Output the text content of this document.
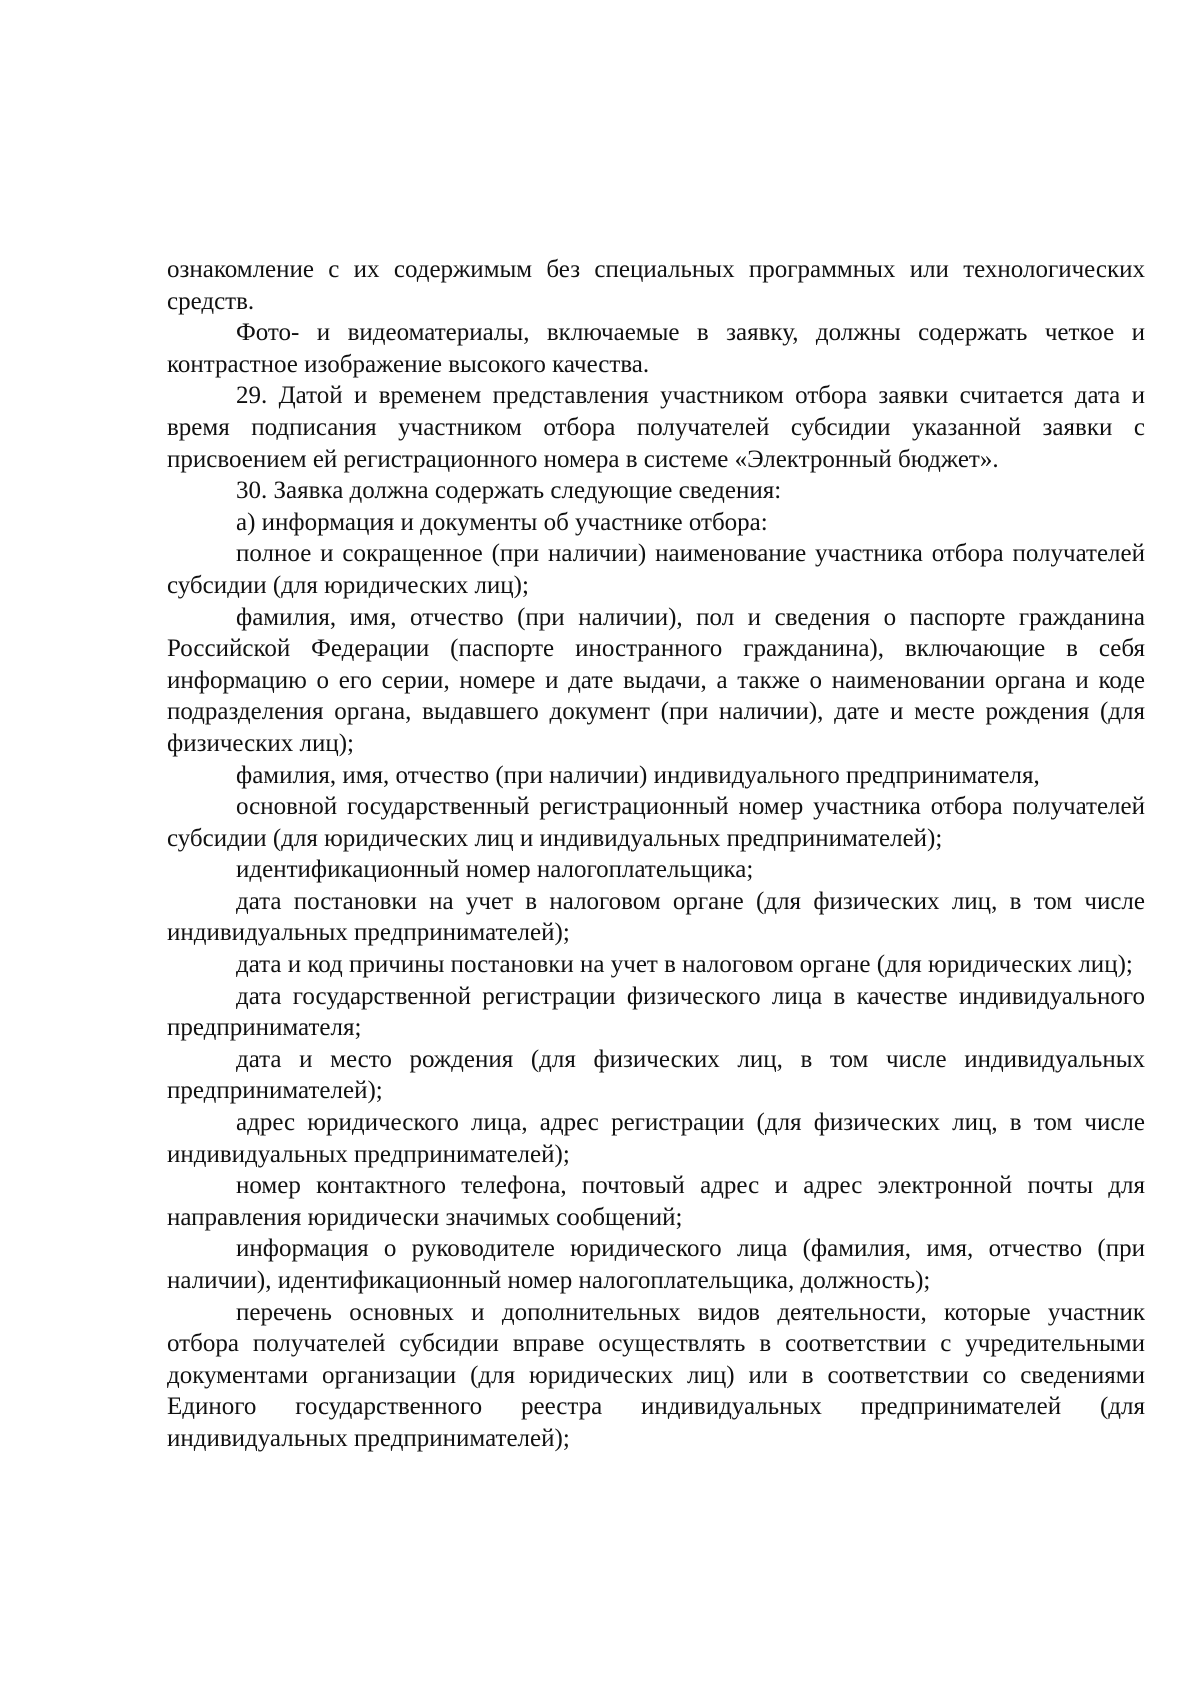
ознакомление с их содержимым без специальных программных или технологических средств.

Фото- и видеоматериалы, включаемые в заявку, должны содержать четкое и контрастное изображение высокого качества.

29. Датой и временем представления участником отбора заявки считается дата и время подписания участником отбора получателей субсидии указанной заявки с присвоением ей регистрационного номера в системе «Электронный бюджет».

30. Заявка должна содержать следующие сведения:

а) информация и документы об участнике отбора:

полное и сокращенное (при наличии) наименование участника отбора получателей субсидии (для юридических лиц);

фамилия, имя, отчество (при наличии), пол и сведения о паспорте гражданина Российской Федерации (паспорте иностранного гражданина), включающие в себя информацию о его серии, номере и дате выдачи, а также о наименовании органа и коде подразделения органа, выдавшего документ (при наличии), дате и месте рождения (для физических лиц);

фамилия, имя, отчество (при наличии) индивидуального предпринимателя,

основной государственный регистрационный номер участника отбора получателей субсидии (для юридических лиц и индивидуальных предпринимателей);

идентификационный номер налогоплательщика;

дата постановки на учет в налоговом органе (для физических лиц, в том числе индивидуальных предпринимателей);

дата и код причины постановки на учет в налоговом органе (для юридических лиц);

дата государственной регистрации физического лица в качестве индивидуального предпринимателя;

дата и место рождения (для физических лиц, в том числе индивидуальных предпринимателей);

адрес юридического лица, адрес регистрации (для физических лиц, в том числе индивидуальных предпринимателей);

номер контактного телефона, почтовый адрес и адрес электронной почты для направления юридически значимых сообщений;

информация о руководителе юридического лица (фамилия, имя, отчество (при наличии), идентификационный номер налогоплательщика, должность);

перечень основных и дополнительных видов деятельности, которые участник отбора получателей субсидии вправе осуществлять в соответствии с учредительными документами организации (для юридических лиц) или в соответствии со сведениями Единого государственного реестра индивидуальных предпринимателей (для индивидуальных предпринимателей);
